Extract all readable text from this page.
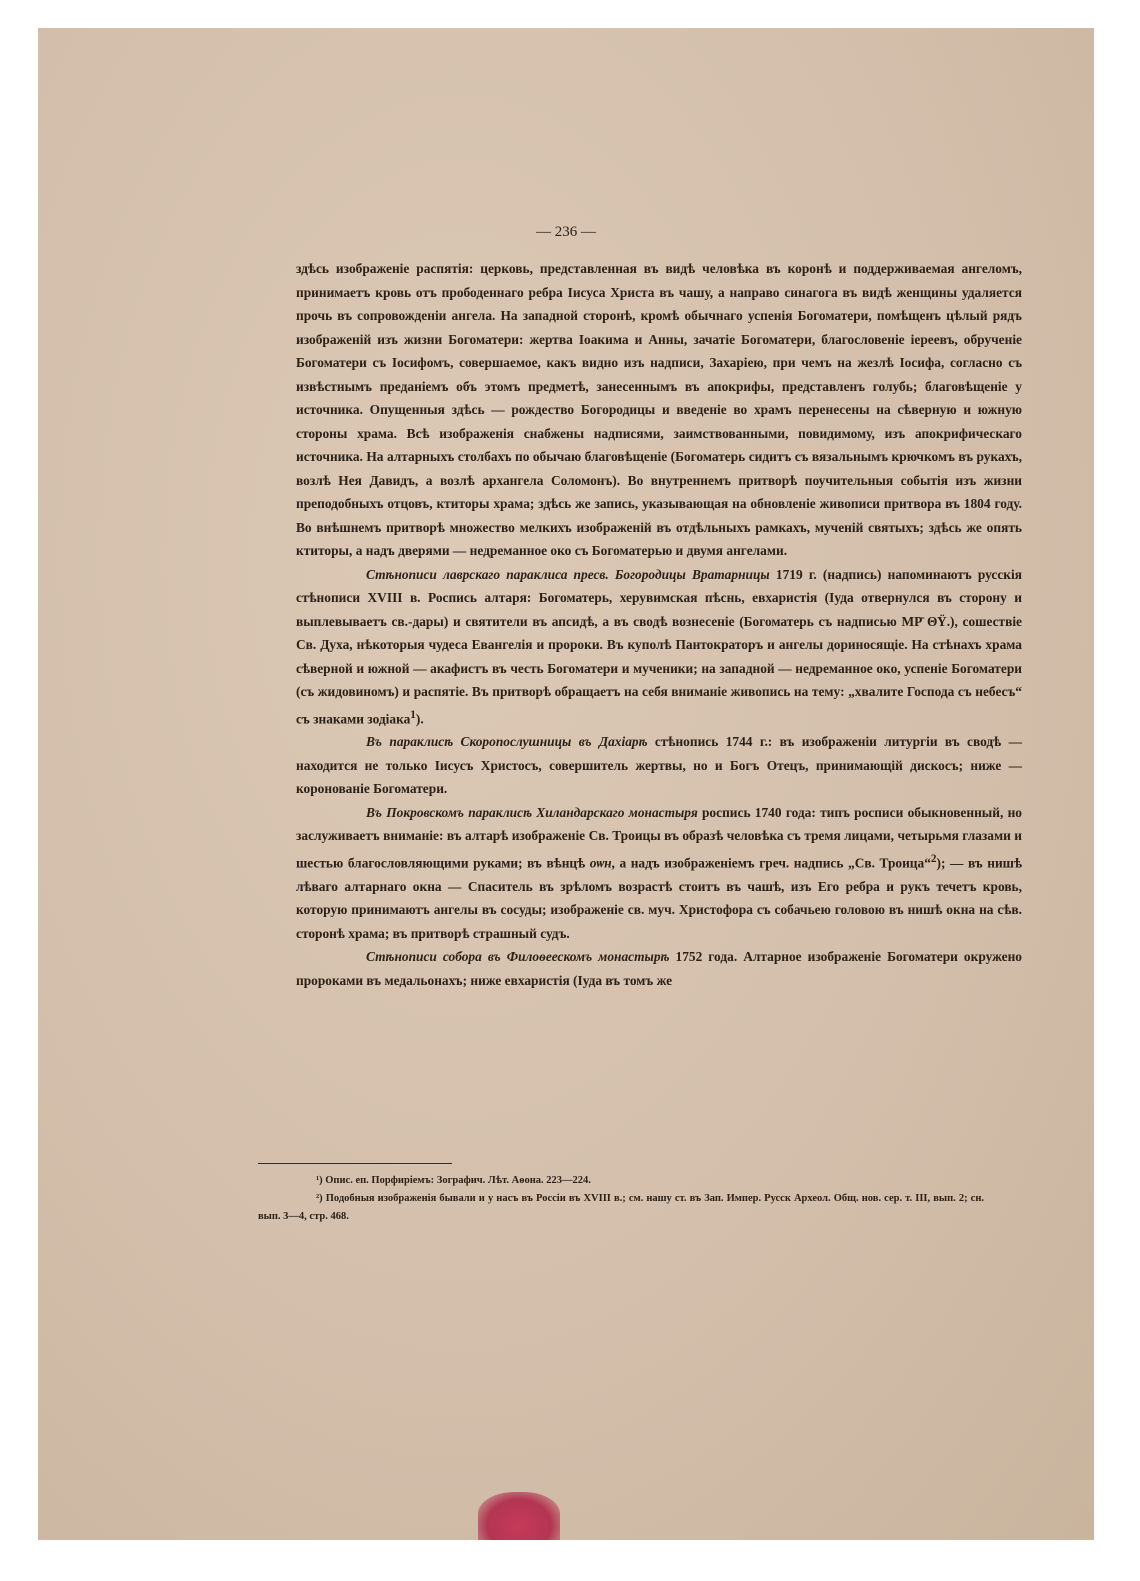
— 236 —

здѣсь изображеніе распятія: церковь, представленная въ видѣ человѣка въ коронѣ и поддерживаемая ангеломъ, принимаетъ кровь отъ прободеннаго ребра Іисуса Христа въ чашу, а направо синагога въ видѣ женщины удаляется прочь въ сопровожденіи ангела. На западной сторонѣ, кромѣ обычнаго успенія Богоматери, помѣщенъ цѣлый рядъ изображеній изъ жизни Богоматери: жертва Іоакима и Анны, зачатіе Богоматери, благословеніе іереевъ, обрученіе Богоматери съ Іосифомъ, совершаемое, какъ видно изъ надписи, Захаріею, при чемъ на жезлѣ Іосифа, согласно съ извѣстнымъ преданіемъ объ этомъ предметѣ, занесеннымъ въ апокрифы, представленъ голубь; благовѣщеніе у источника. Опущенныя здѣсь — рождество Богородицы и введеніе во храмъ перенесены на сѣверную и южную стороны храма. Всѣ изображенія снабжены надписями, заимствованными, повидимому, изъ апокрифическаго источника. На алтарныхъ столбахъ по обычаю благовѣщеніе (Богоматерь сидитъ съ вязальнымъ крючкомъ въ рукахъ, возлѣ Нея Давидъ, а возлѣ архангела Соломонъ). Во внутреннемъ притворѣ поучительныя событія изъ жизни преподобныхъ отцовъ, ктиторы храма; здѣсь же запись, указывающая на обновленіе живописи притвора въ 1804 году. Во внѣшнемъ притворѣ множество мелкихъ изображеній въ отдѣльныхъ рамкахъ, мученій святыхъ; здѣсь же опять ктиторы, а надъ дверями — недреманное око съ Богоматерью и двумя ангелами.

Стѣнописи лаврскаго параклиса пресв. Богородицы Вратарницы 1719 г. (надпись) напоминаютъ русскія стѣнописи XVIII в. Роспись алтаря: Богоматерь, херувимская пѣснь, евхаристія (Іуда отвернулся въ сторону и выплевываетъ св.-дары) и святители въ апсидѣ, а въ сводѣ вознесеніе (Богоматерь съ надписью МР̄ ΘΫ.), сошествіе Св. Духа, нѣкоторыя чудеса Евангелія и пророки. Въ куполѣ Пантократоръ и ангелы дориносящіе. На стѣнахъ храма сѣверной и южной — акафистъ въ честь Богоматери и мученики; на западной — недреманное око, успеніе Богоматери (съ жидовиномъ) и распятіе. Въ притворѣ обращаетъ на себя вниманіе живопись на тему: „хвалите Господа съ небесъ“ съ знаками зодіака$^1$).

Въ параклисѣ Скоропослушницы въ Дахіарѣ стѣнопись 1744 г.: въ изображеніи литургіи въ сводѣ — находится не только Іисусъ Христосъ, совершитель жертвы, но и Богъ Отецъ, принимающій дискосъ; ниже — коронованіе Богоматери.

Въ Покровскомъ параклисѣ Хиландарскаго монастыря роспись 1740 года: типъ росписи обыкновенный, но заслуживаетъ вниманіе: въ алтарѣ изображеніе Св. Троицы въ образѣ человѣка съ тремя лицами, четырьмя глазами и шестью благословляющими руками; въ вѣнцѣ оѡн, а надъ изображеніемъ греч. надпись „Св. Троица“$^2$); — въ нишѣ лѣваго алтарнаго окна — Спаситель въ зрѣломъ возрастѣ стоитъ въ чашѣ, изъ Его ребра и рукъ течетъ кровь, которую принимаютъ ангелы въ сосуды; изображеніе св. муч. Христофора съ собачьею головою въ нишѣ окна на сѣв. сторонѣ храма; въ притворѣ страшный судъ.

Стѣнописи собора въ Филоѳеескомъ монастырѣ 1752 года. Алтарное изображеніе Богоматери окружено пророками въ медальонахъ; ниже евхаристія (Іуда въ томъ же

¹) Опис. еп. Порфиріемъ: Зографич. Лѣт. Аѳона. 223—224.

²) Подобныя изображенія бывали и у насъ въ Россіи въ XVIII в.; см. нашу ст. въ Зап. Импер. Русск Археол. Общ. нов. сер. т. III, вып. 2; сн. вып. 3—4, стр. 468.
